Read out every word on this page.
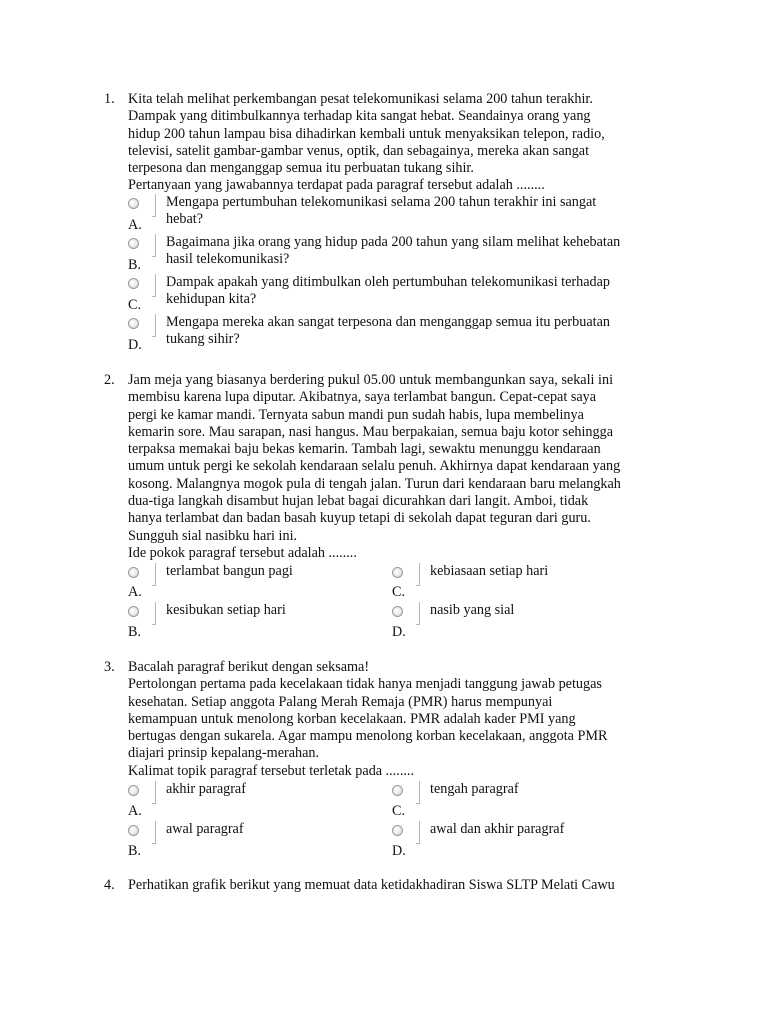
1. Kita telah melihat perkembangan pesat telekomunikasi selama 200 tahun terakhir.
Dampak yang ditimbulkannya terhadap kita sangat hebat. Seandainya orang yang
hidup 200 tahun lampau bisa dihadirkan kembali untuk menyaksikan telepon, radio,
televisi, satelit gambar-gambar venus, optik, dan sebagainya, mereka akan sangat
terpesona dan menganggap semua itu perbuatan tukang sihir.
Pertanyaan yang jawabannya terdapat pada paragraf tersebut adalah ........
A.
Mengapa pertumbuhan telekomunikasi selama 200 tahun terakhir ini sangat
hebat?
B.
Bagaimana jika orang yang hidup pada 200 tahun yang silam melihat kehebatan
hasil telekomunikasi?
C.
Dampak apakah yang ditimbulkan oleh pertumbuhan telekomunikasi terhadap
kehidupan kita?
D.
Mengapa mereka akan sangat terpesona dan menganggap semua itu perbuatan
tukang sihir?
2. Jam meja yang biasanya berdering pukul 05.00 untuk membangunkan saya, sekali ini
membisu karena lupa diputar. Akibatnya, saya terlambat bangun. Cepat-cepat saya
pergi ke kamar mandi. Ternyata sabun mandi pun sudah habis, lupa membelinya
kemarin sore. Mau sarapan, nasi hangus. Mau berpakaian, semua baju kotor sehingga
terpaksa memakai baju bekas kemarin. Tambah lagi, sewaktu menunggu kendaraan
umum untuk pergi ke sekolah kendaraan selalu penuh. Akhirnya dapat kendaraan yang
kosong. Malangnya mogok pula di tengah jalan. Turun dari kendaraan baru melangkah
dua-tiga langkah disambut hujan lebat bagai dicurahkan dari langit. Amboi, tidak
hanya terlambat dan badan basah kuyup tetapi di sekolah dapat teguran dari guru.
Sungguh sial nasibku hari ini.
Ide pokok paragraf tersebut adalah ........
A.
terlambat bangun pagi
C.
kebiasaan setiap hari
B.
kesibukan setiap hari
D.
nasib yang sial
3. Bacalah paragraf berikut dengan seksama!
Pertolongan pertama pada kecelakaan tidak hanya menjadi tanggung jawab petugas
kesehatan. Setiap anggota Palang Merah Remaja (PMR) harus mempunyai
kemampuan untuk menolong korban kecelakaan. PMR adalah kader PMI yang
bertugas dengan sukarela. Agar mampu menolong korban kecelakaan, anggota PMR
diajari prinsip kepalang-merahan.
Kalimat topik paragraf tersebut terletak pada ........
A.
akhir paragraf
C.
tengah paragraf
B.
awal paragraf
D.
awal dan akhir paragraf
4. Perhatikan grafik berikut yang memuat data ketidakhadiran Siswa SLTP Melati Cawu
